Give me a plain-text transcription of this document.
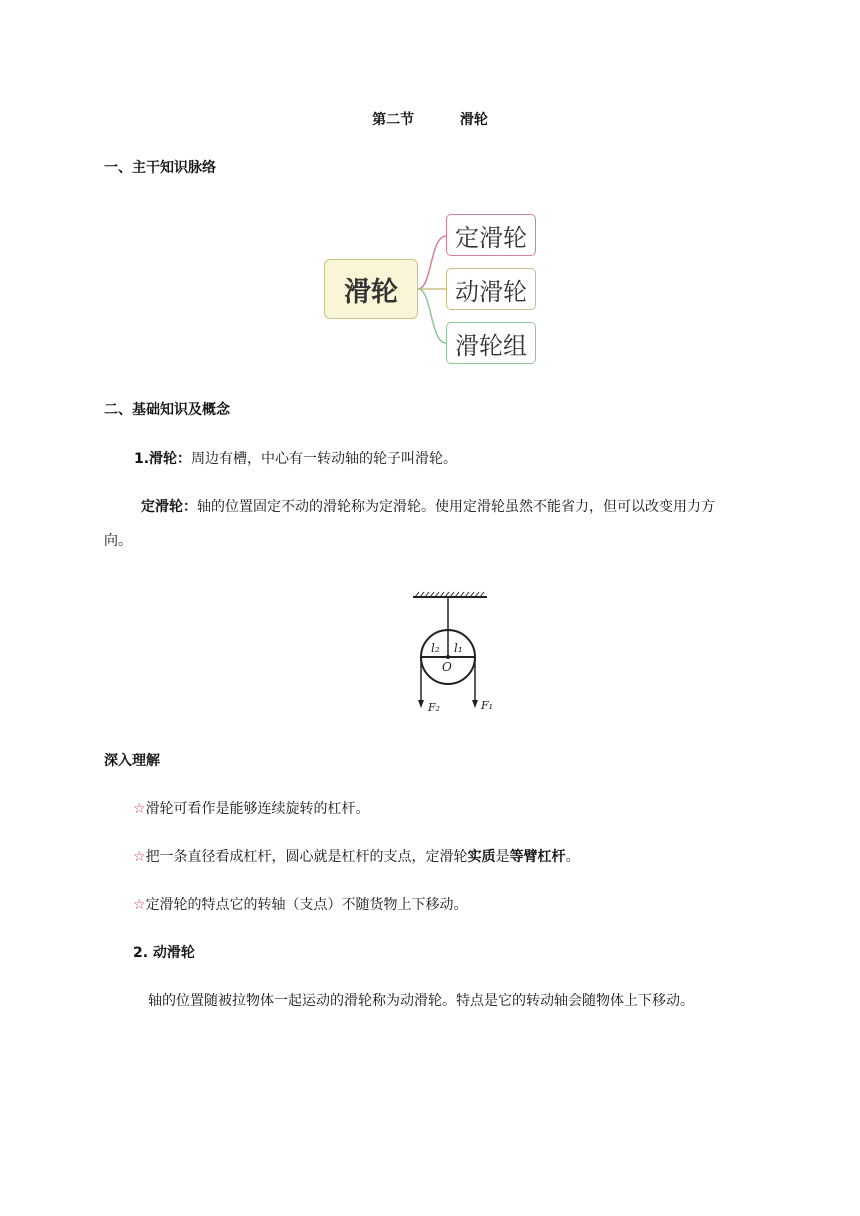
第二节	滑轮
一、主干知识脉络
滑轮
定滑轮
动滑轮
滑轮组
二、基础知识及概念
1.滑轮：周边有槽，中心有一转动轴的轮子叫滑轮。
定滑轮：轴的位置固定不动的滑轮称为定滑轮。使用定滑轮虽然不能省力，但可以改变用力方
向。
l₂ l₁
O
F₂	F₁
深入理解
☆滑轮可看作是能够连续旋转的杠杆。
☆把一条直径看成杠杆，圆心就是杠杆的支点，定滑轮实质是等臂杠杆。
☆定滑轮的特点它的转轴（支点）不随货物上下移动。
2. 动滑轮
轴的位置随被拉物体一起运动的滑轮称为动滑轮。特点是它的转动轴会随物体上下移动。
